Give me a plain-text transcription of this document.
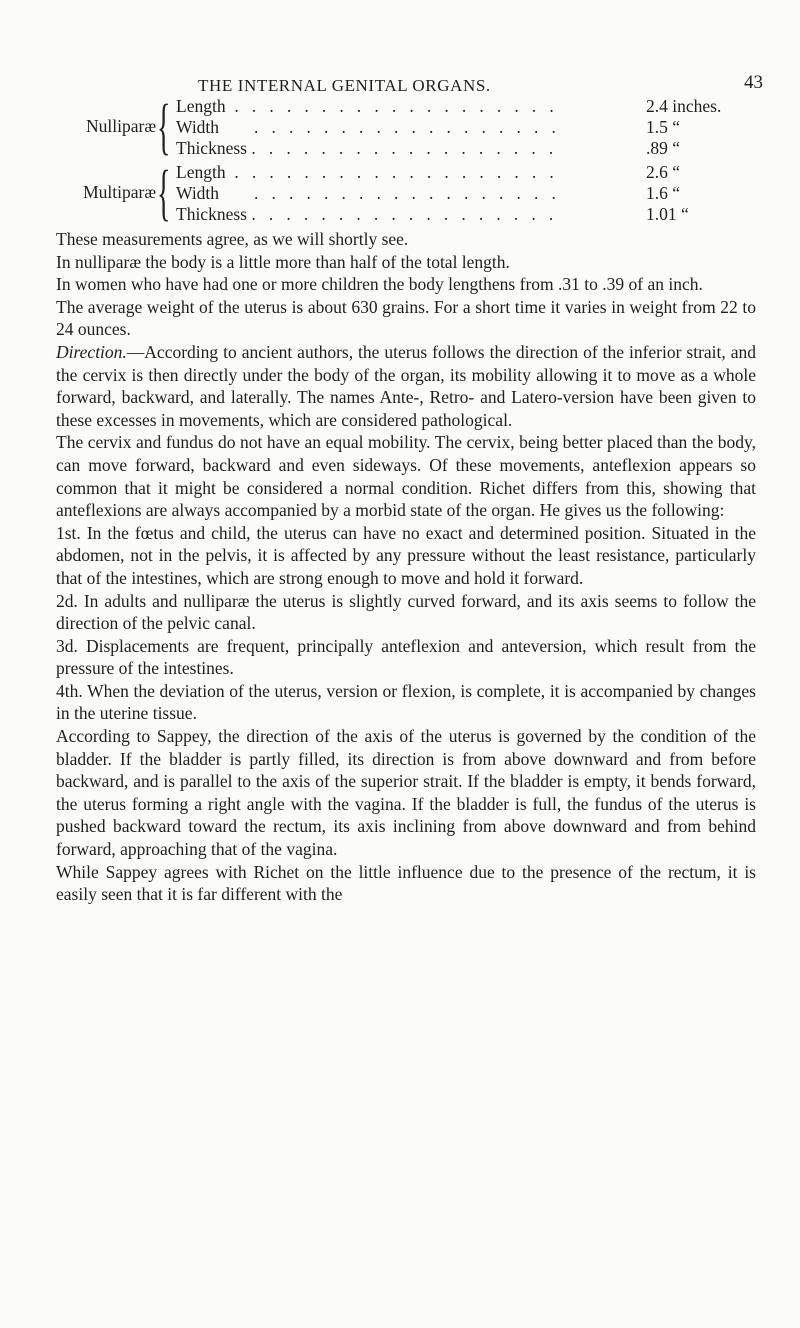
THE INTERNAL GENITAL ORGANS.	43
Nulliparæ { Length  .   .   .   .   .   .   .   .   .   .   .   .   .   .   .   .   .   .   .	2.4 inches.
Width        .   .   .   .   .   .   .   .   .   .   .   .   .   .   .   .   .   .	1.5 “
Thickness .   .   .   .   .   .   .   .   .   .   .   .   .   .   .   .   .   .	.89 “
Multiparæ { Length  .   .   .   .   .   .   .   .   .   .   .   .   .   .   .   .   .   .   .	2.6 “
Width        .   .   .   .   .   .   .   .   .   .   .   .   .   .   .   .   .   .	1.6 “
Thickness .   .   .   .   .   .   .   .   .   .   .   .   .   .   .   .   .   .	1.01 “

These measurements agree, as we will shortly see.

In nulliparæ the body is a little more than half of the total length.

In women who have had one or more children the body lengthens from .31 to .39 of an inch.

The average weight of the uterus is about 630 grains. For a short time it varies in weight from 22 to 24 ounces.

Direction.—According to ancient authors, the uterus follows the direction of the inferior strait, and the cervix is then directly under the body of the organ, its mobility allowing it to move as a whole forward, backward, and laterally. The names Ante-, Retro- and Latero-version have been given to these excesses in movements, which are considered pathological.

The cervix and fundus do not have an equal mobility. The cervix, being better placed than the body, can move forward, backward and even sideways. Of these movements, anteflexion appears so common that it might be considered a normal condition. Richet differs from this, showing that anteflexions are always accompanied by a morbid state of the organ. He gives us the following:

1st. In the fœtus and child, the uterus can have no exact and determined position. Situated in the abdomen, not in the pelvis, it is affected by any pressure without the least resistance, particularly that of the intestines, which are strong enough to move and hold it forward.

2d. In adults and nulliparæ the uterus is slightly curved forward, and its axis seems to follow the direction of the pelvic canal.

3d. Displacements are frequent, principally anteflexion and anteversion, which result from the pressure of the intestines.

4th. When the deviation of the uterus, version or flexion, is complete, it is accompanied by changes in the uterine tissue.

According to Sappey, the direction of the axis of the uterus is governed by the condition of the bladder. If the bladder is partly filled, its direction is from above downward and from before backward, and is parallel to the axis of the superior strait. If the bladder is empty, it bends forward, the uterus forming a right angle with the vagina. If the bladder is full, the fundus of the uterus is pushed backward toward the rectum, its axis inclining from above downward and from behind forward, approaching that of the vagina.

While Sappey agrees with Richet on the little influence due to the presence of the rectum, it is easily seen that it is far different with the
